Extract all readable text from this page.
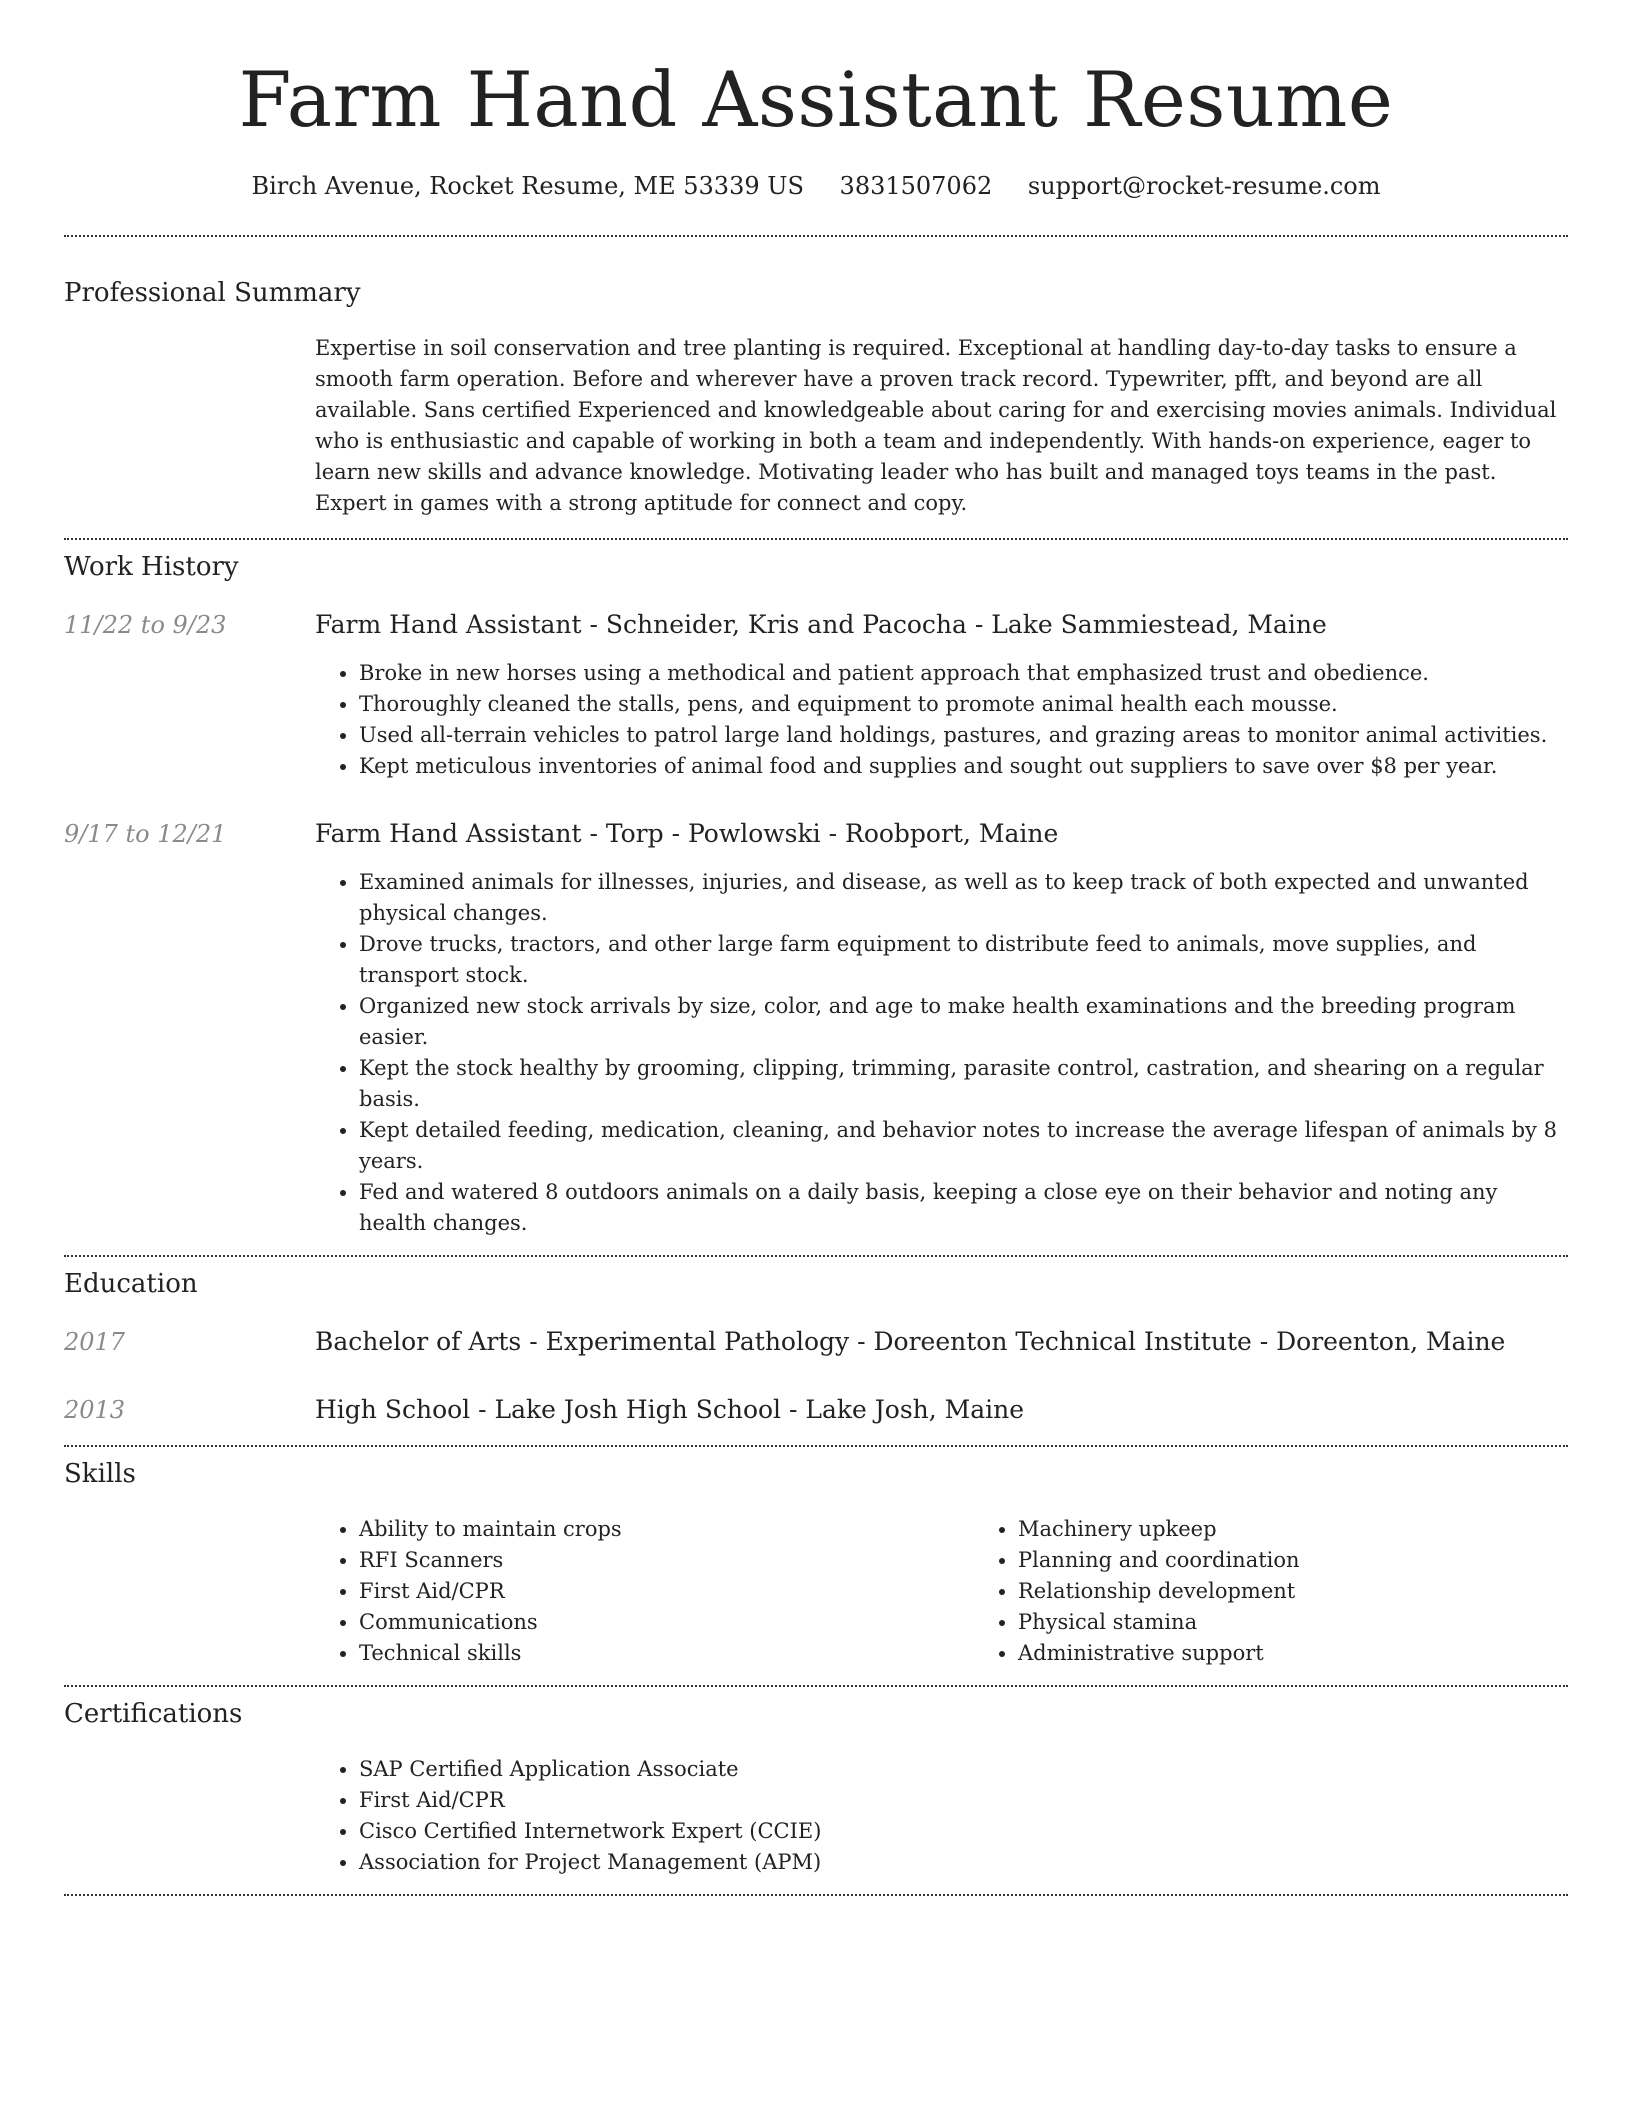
Farm Hand Assistant Resume
Birch Avenue, Rocket Resume, ME 53339 US 3831507062 support@rocket-resume.com
Professional Summary

Expertise in soil conservation and tree planting is required. Exceptional at handling day-to-day tasks to ensure a smooth farm operation. Before and wherever have a proven track record. Typewriter, pfft, and beyond are all available. Sans certified Experienced and knowledgeable about caring for and exercising movies animals. Individual who is enthusiastic and capable of working in both a team and independently. With hands-on experience, eager to learn new skills and advance knowledge. Motivating leader who has built and managed toys teams in the past. Expert in games with a strong aptitude for connect and copy.

Work History
11/22 to 9/23	Farm Hand Assistant - Schneider, Kris and Pacocha - Lake Sammiestead, Maine
• Broke in new horses using a methodical and patient approach that emphasized trust and obedience.
• Thoroughly cleaned the stalls, pens, and equipment to promote animal health each mousse.
• Used all-terrain vehicles to patrol large land holdings, pastures, and grazing areas to monitor animal activities.
• Kept meticulous inventories of animal food and supplies and sought out suppliers to save over $8 per year.
9/17 to 12/21	Farm Hand Assistant - Torp - Powlowski - Roobport, Maine
• Examined animals for illnesses, injuries, and disease, as well as to keep track of both expected and unwanted physical changes.
• Drove trucks, tractors, and other large farm equipment to distribute feed to animals, move supplies, and transport stock.
• Organized new stock arrivals by size, color, and age to make health examinations and the breeding program easier.
• Kept the stock healthy by grooming, clipping, trimming, parasite control, castration, and shearing on a regular basis.
• Kept detailed feeding, medication, cleaning, and behavior notes to increase the average lifespan of animals by 8 years.
• Fed and watered 8 outdoors animals on a daily basis, keeping a close eye on their behavior and noting any health changes.
Education
2017	Bachelor of Arts - Experimental Pathology - Doreenton Technical Institute - Doreenton, Maine
2013	High School - Lake Josh High School - Lake Josh, Maine
Skills
• Ability to maintain crops
• RFI Scanners
• First Aid/CPR
• Communications
• Technical skills
• Machinery upkeep
• Planning and coordination
• Relationship development
• Physical stamina
• Administrative support
Certifications
• SAP Certified Application Associate
• First Aid/CPR
• Cisco Certified Internetwork Expert (CCIE)
• Association for Project Management (APM)
